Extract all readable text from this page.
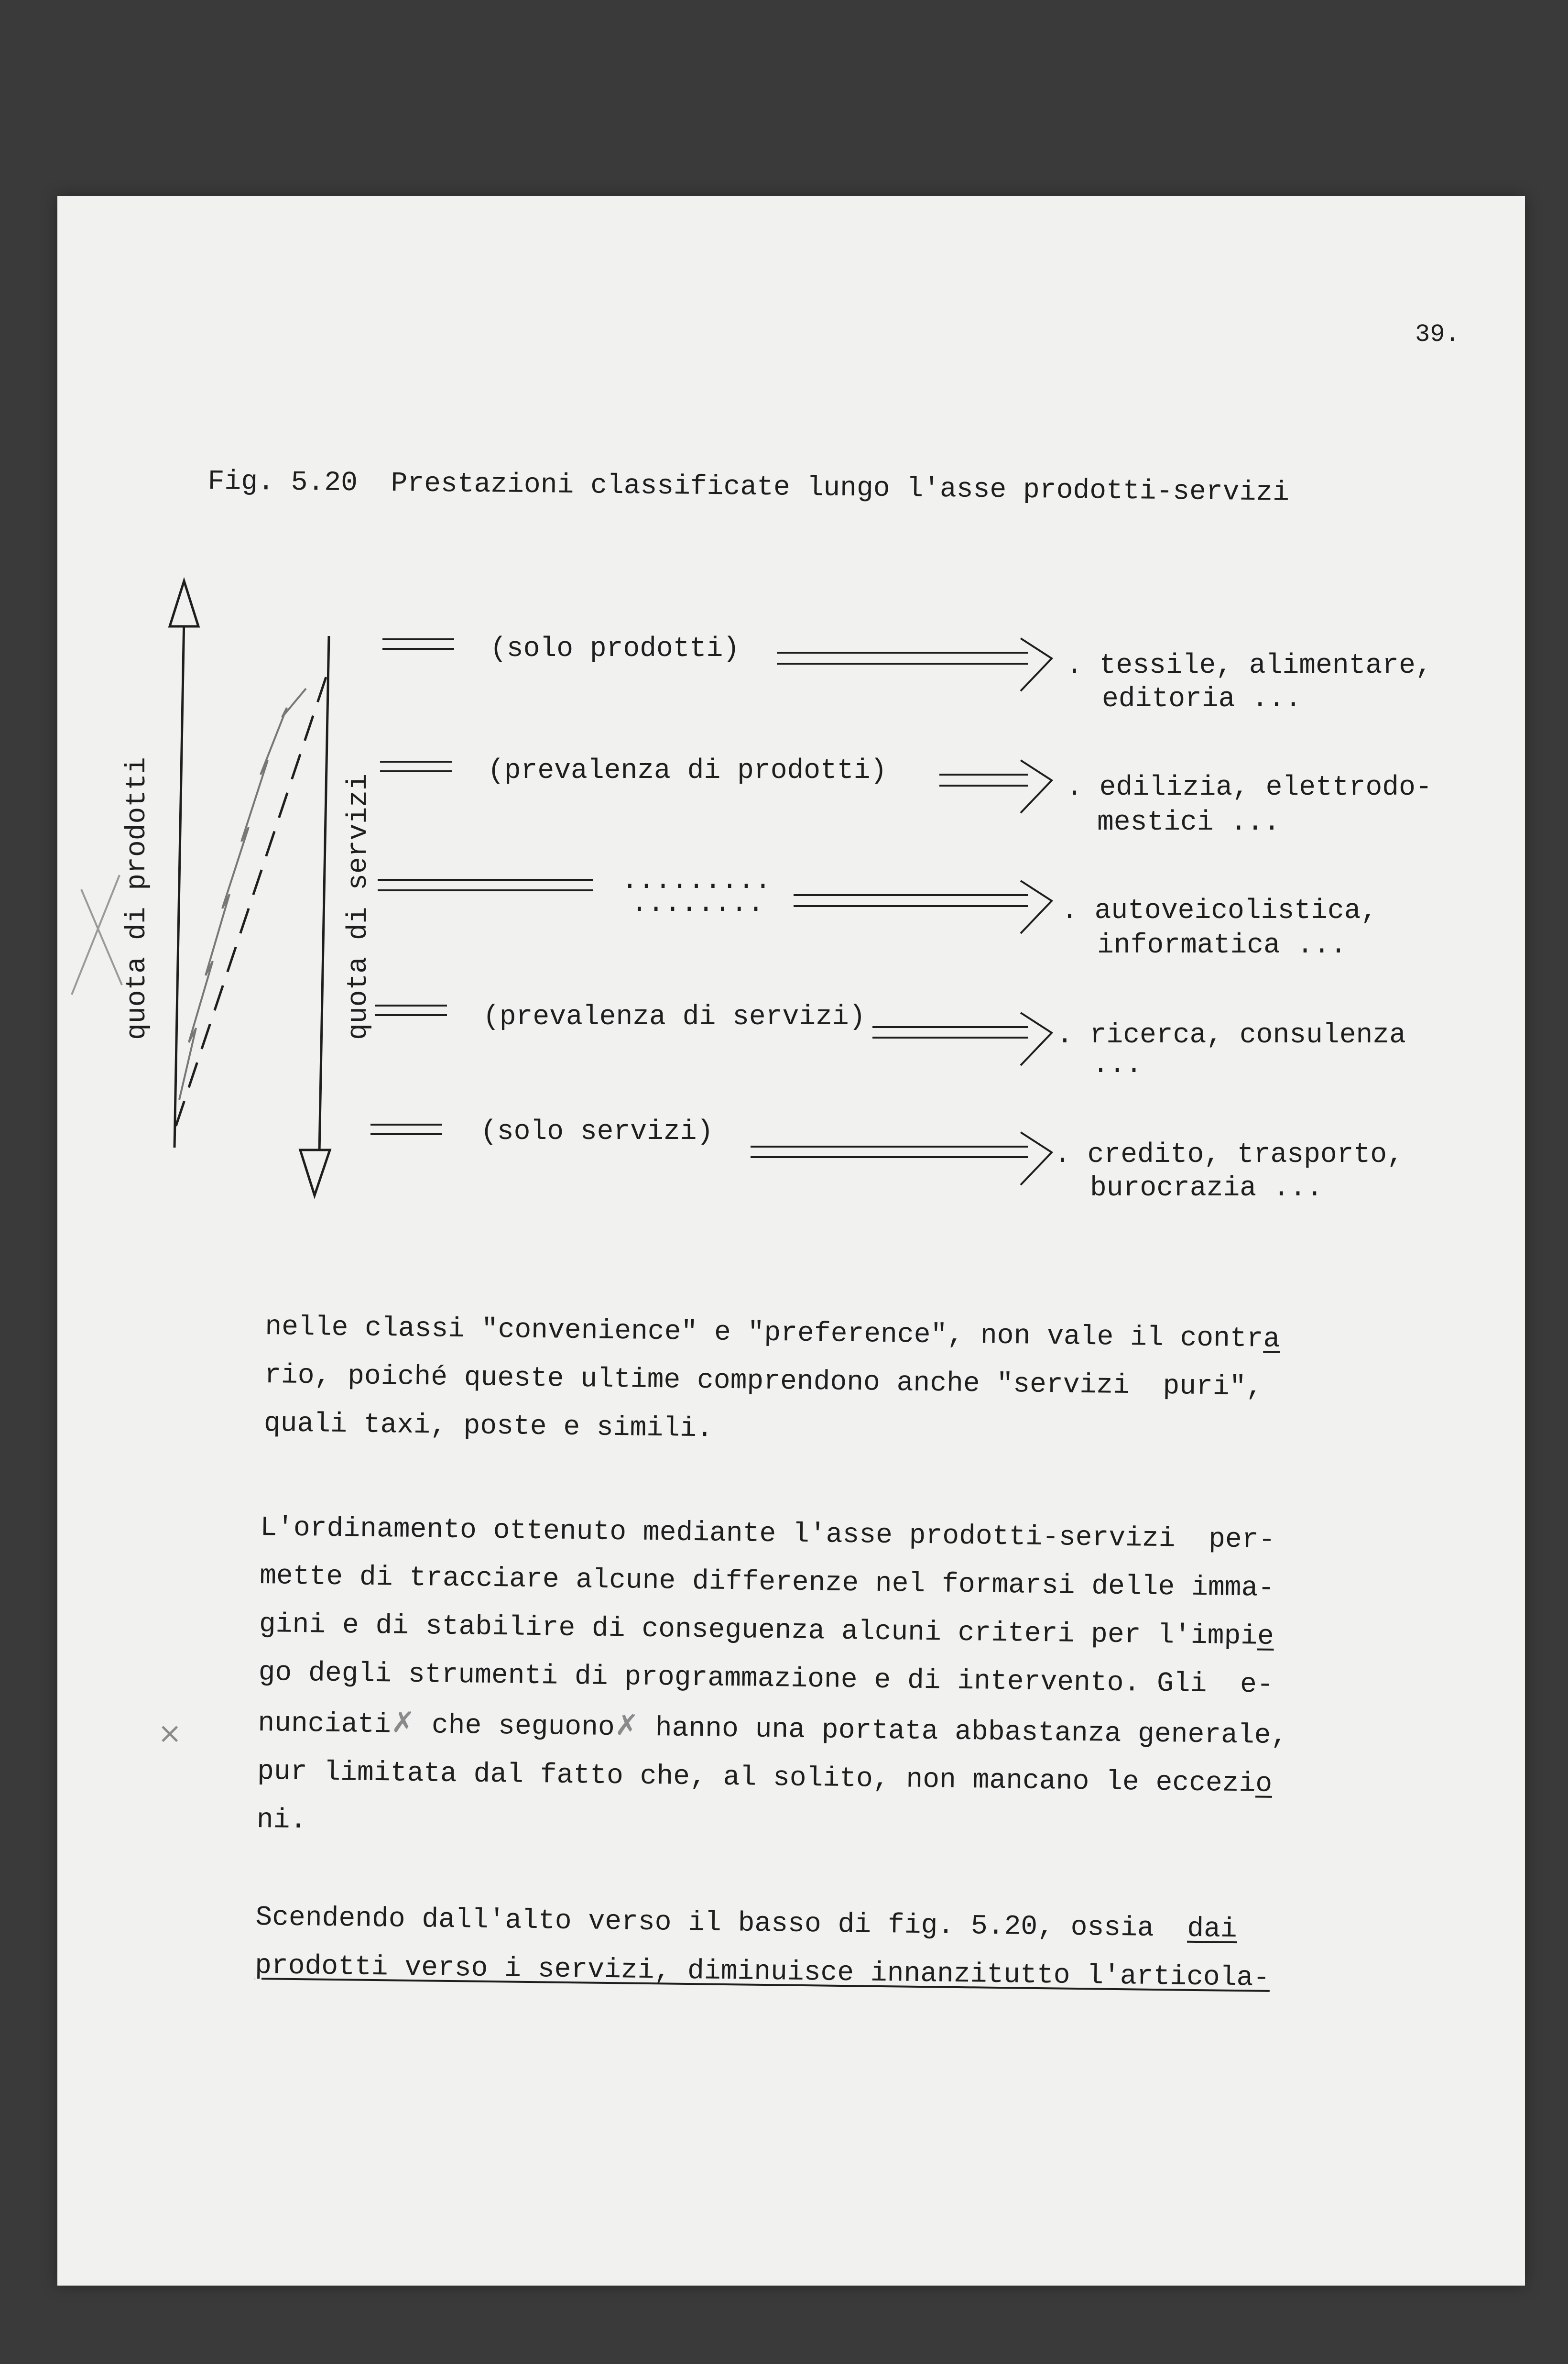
39.
Fig. 5.20  Prestazioni classificate lungo l'asse prodotti-servizi
quota di prodotti	quota di servizi
(solo prodotti)
. tessile, alimentare,
editoria ...
(prevalenza di prodotti)
. edilizia, elettrodo-
mestici ...
.........
........	. autoveicolistica,
informatica ...
(prevalenza di servizi)
. ricerca, consulenza
...
(solo servizi)
. credito, trasporto,
burocrazia ...
nelle classi "convenience" e "preference", non vale il contra
rio, poiché queste ultime comprendono anche "servizi  puri",
quali taxi, poste e simili.
L'ordinamento ottenuto mediante l'asse prodotti-servizi  per-
mette di tracciare alcune differenze nel formarsi delle imma-
gini e di stabilire di conseguenza alcuni criteri per l'impie
go degli strumenti di programmazione e di intervento. Gli  e-
nunciati✗ che seguono✗ hanno una portata abbastanza generale,
pur limitata dal fatto che, al solito, non mancano le eccezio
ni.
×
Scendendo dall'alto verso il basso di fig. 5.20, ossia  dai
prodotti verso i servizi, diminuisce innanzitutto l'articola-
